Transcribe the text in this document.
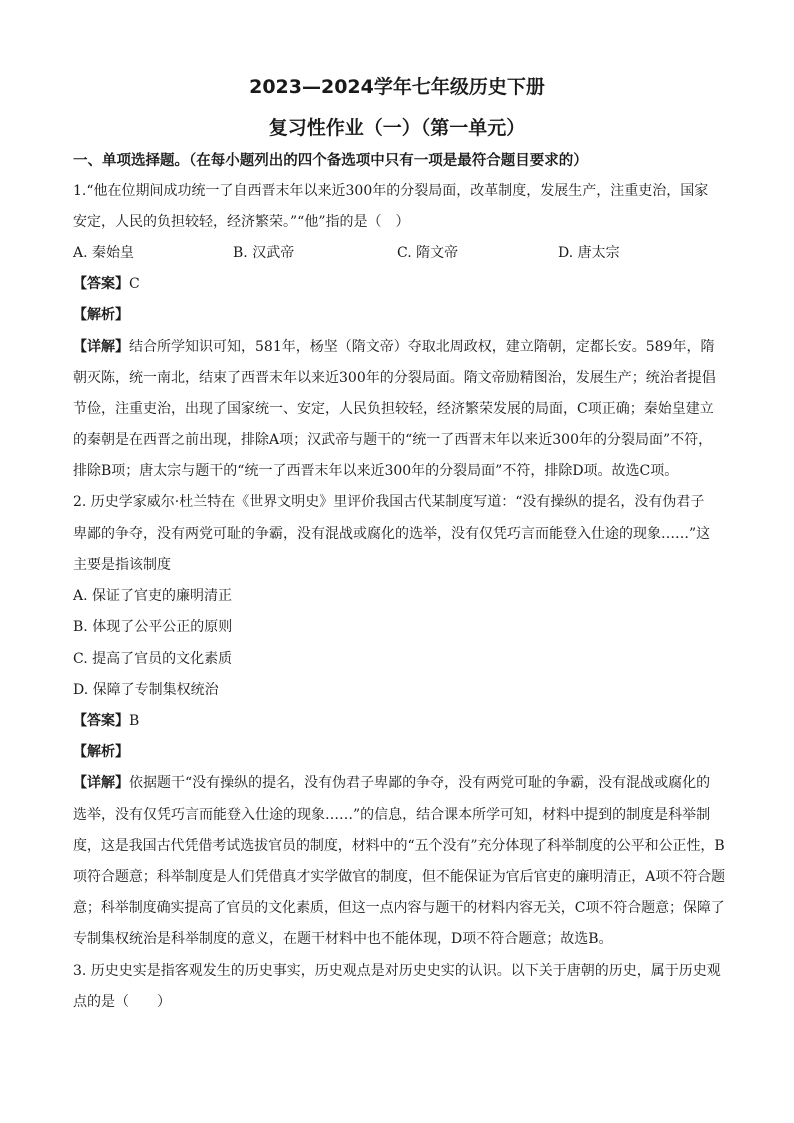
2023—2024学年七年级历史下册
复习性作业（一）（第一单元）
一、单项选择题。（在每小题列出的四个备选项中只有一项是最符合题目要求的）
1.“他在位期间成功统一了自西晋末年以来近300年的分裂局面，改革制度，发展生产，注重吏治，国家
安定，人民的负担较轻，经济繁荣。”“他”指的是（　）
A. 秦始皇	B. 汉武帝	C. 隋文帝	D. 唐太宗
【答案】C
【解析】
【详解】结合所学知识可知，581年，杨坚（隋文帝）夺取北周政权，建立隋朝，定都长安。589年，隋
朝灭陈，统一南北，结束了西晋末年以来近300年的分裂局面。隋文帝励精图治，发展生产；统治者提倡
节俭，注重吏治，出现了国家统一、安定，人民负担较轻，经济繁荣发展的局面，C项正确；秦始皇建立
的秦朝是在西晋之前出现，排除A项；汉武帝与题干的“统一了西晋末年以来近300年的分裂局面”不符，
排除B项；唐太宗与题干的“统一了西晋末年以来近300年的分裂局面”不符，排除D项。故选C项。
2. 历史学家威尔·杜兰特在《世界文明史》里评价我国古代某制度写道：“没有操纵的提名，没有伪君子
卑鄙的争夺，没有两党可耻的争霸，没有混战或腐化的选举，没有仅凭巧言而能登入仕途的现象……”这
主要是指该制度
A. 保证了官吏的廉明清正
B. 体现了公平公正的原则
C. 提高了官员的文化素质
D. 保障了专制集权统治
【答案】B
【解析】
【详解】依据题干“没有操纵的提名，没有伪君子卑鄙的争夺，没有两党可耻的争霸，没有混战或腐化的
选举，没有仅凭巧言而能登入仕途的现象……”的信息，结合课本所学可知，材料中提到的制度是科举制
度，这是我国古代凭借考试选拔官员的制度，材料中的“五个没有”充分体现了科举制度的公平和公正性，B
项符合题意；科举制度是人们凭借真才实学做官的制度，但不能保证为官后官吏的廉明清正，A项不符合题
意；科举制度确实提高了官员的文化素质，但这一点内容与题干的材料内容无关，C项不符合题意；保障了
专制集权统治是科举制度的意义，在题干材料中也不能体现，D项不符合题意；故选B。
3. 历史史实是指客观发生的历史事实，历史观点是对历史史实的认识。以下关于唐朝的历史，属于历史观
点的是（　　）
